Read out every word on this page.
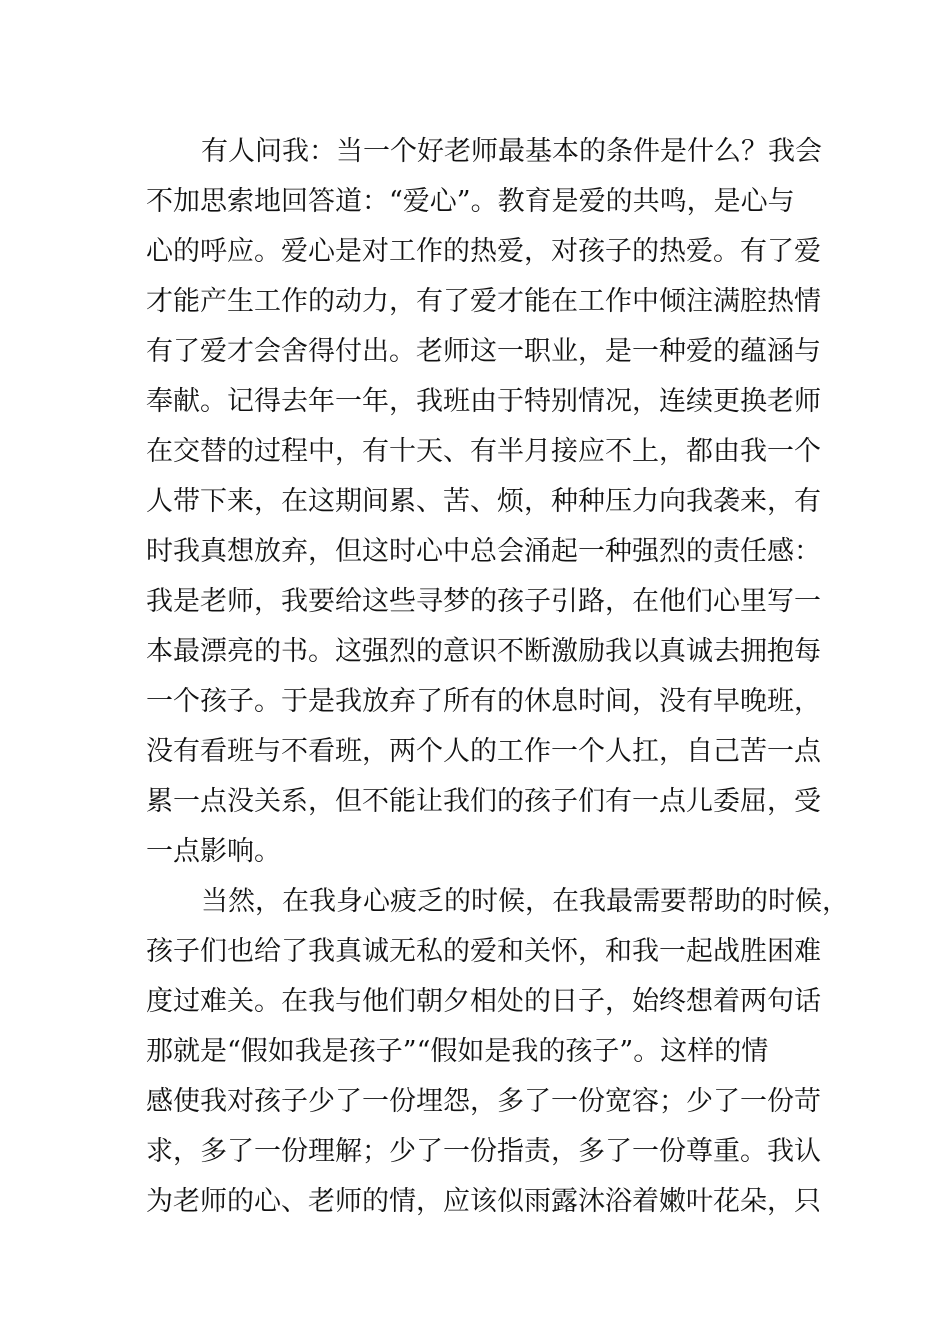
有人问我：当一个好老师最基本的条件是什么？我会
不加思索地回答道：“爱心”。教育是爱的共鸣，是心与
心的呼应。爱心是对工作的热爱，对孩子的热爱。有了爱
才能产生工作的动力，有了爱才能在工作中倾注满腔热情
有了爱才会舍得付出。老师这一职业，是一种爱的蕴涵与
奉献。记得去年一年，我班由于特别情况，连续更换老师
在交替的过程中，有十天、有半月接应不上，都由我一个
人带下来，在这期间累、苦、烦，种种压力向我袭来，有
时我真想放弃，但这时心中总会涌起一种强烈的责任感：
我是老师，我要给这些寻梦的孩子引路，在他们心里写一
本最漂亮的书。这强烈的意识不断激励我以真诚去拥抱每
一个孩子。于是我放弃了所有的休息时间，没有早晚班，
没有看班与不看班，两个人的工作一个人扛，自己苦一点
累一点没关系，但不能让我们的孩子们有一点儿委屈，受
一点影响。
当然，在我身心疲乏的时候，在我最需要帮助的时候，
孩子们也给了我真诚无私的爱和关怀，和我一起战胜困难
度过难关。在我与他们朝夕相处的日子，始终想着两句话
那就是“假如我是孩子”“假如是我的孩子”。这样的情
感使我对孩子少了一份埋怨，多了一份宽容；少了一份苛
求，多了一份理解；少了一份指责，多了一份尊重。我认
为老师的心、老师的情，应该似雨露沐浴着嫩叶花朵，只
